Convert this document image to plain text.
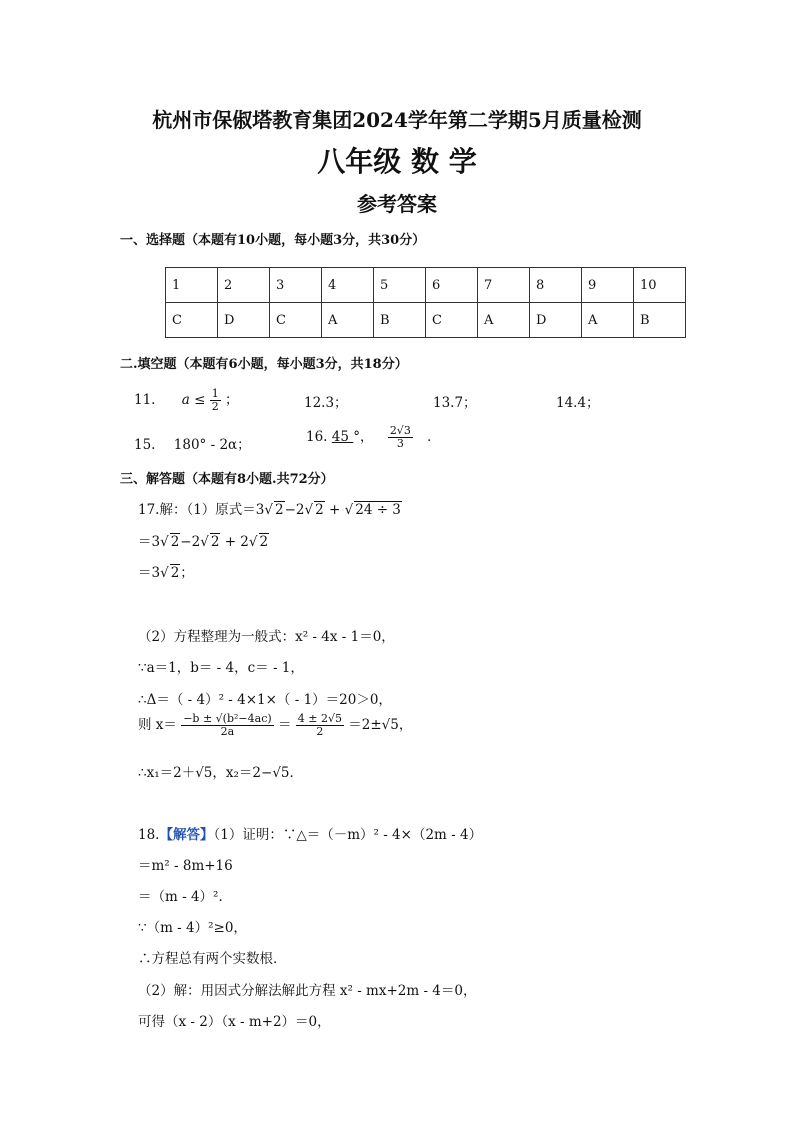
杭州市保俶塔教育集团2024学年第二学期5月质量检测
八年级 数 学
参考答案
一、选择题（本题有10小题，每小题3分，共30分）
1	2	3	4	5	6	7	8	9	10
C	D	C	A	B	C	A	D	A	B
二.填空题（本题有6小题，每小题3分，共18分）
11. $a \le \frac{1}{2}$ ；	12.3；	13.7；	14.4；
15. 180° - 2α；	16. 45 °， $\frac{2√3}{3}$ ．
三、解答题（本题有8小题.共72分）
17.解：（1）原式＝3 √ 2−2 √ 2 + √ 24 ÷ 3
＝3 √ 2−2 √ 2 + 2 √ 2
＝3 √ 2；
（2）方程整理为一般式：x² - 4x - 1＝0，
∵a＝1，b＝ - 4，c＝ - 1，
∴Δ＝（ - 4）² - 4×1×（ - 1）＝20＞0，
则 $x= \frac{\text{−b ± √(b²−4ac)}}{2a} = \frac{4 \pm 2√5}{2} =2\pm√5$，
∴x₁＝2＋√5，x₂＝2−√5．
18.【解答】（1）证明：∵△＝（－m）² - 4×（2m - 4）
＝m² - 8m+16
＝（m - 4）²．
∵（m - 4）²≥0，
∴方程总有两个实数根．
（2）解：用因式分解法解此方程 x² - mx+2m - 4＝0，
可得（x - 2）（x - m+2）＝0，
